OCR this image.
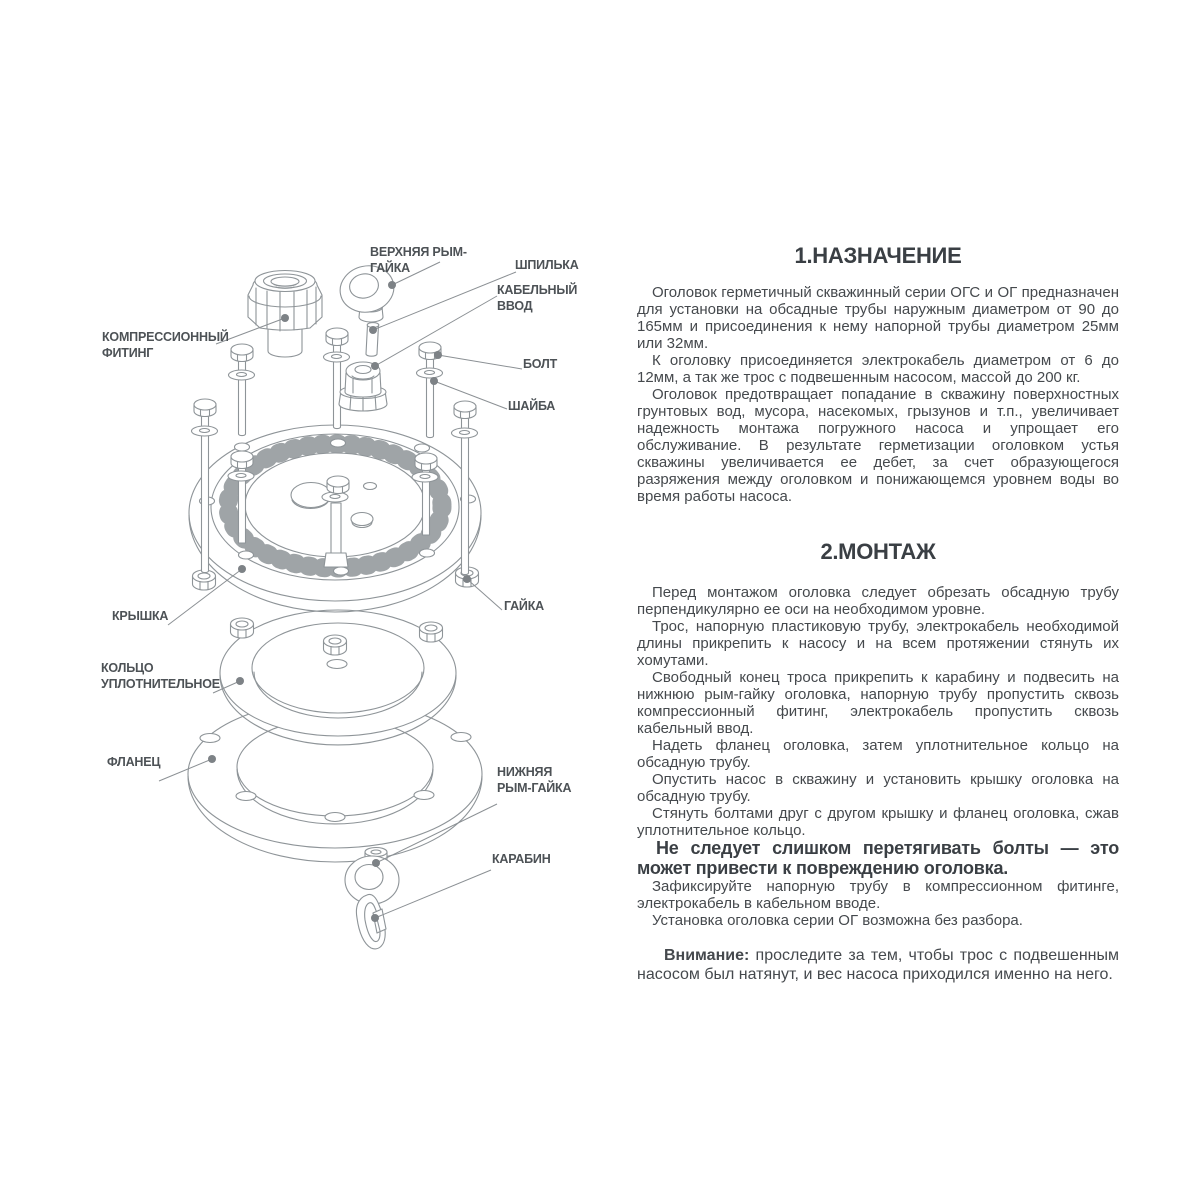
ВЕРХНЯЯ РЫМ-ГАЙКА	ШПИЛЬКА
КАБЕЛЬНЫЙ ВВОД
КОМПРЕССИОННЫЙ ФИТИНГ
БОЛТ
ШАЙБА
КРЫШКА
ГАЙКА
КОЛЬЦО УПЛОТНИТЕЛЬНОЕ
ФЛАНЕЦ
НИЖНЯЯ РЫМ-ГАЙКА
КАРАБИН
1.НАЗНАЧЕНИЕ

Оголовок герметичный скважинный серии ОГС и ОГ предназначен для установки на обсадные трубы наружным диаметром от 90 до 165мм и присоединения к нему напорной трубы диаметром 25мм или 32мм.

К оголовку присоединяется электрокабель диаметром от 6 до 12мм, а так же трос с подвешенным насосом, массой до 200 кг.

Оголовок предотвращает попадание в скважину поверхностных грунтовых вод, мусора, насекомых, грызунов и т.п., увеличивает надежность монтажа погружного насоса и упрощает его обслуживание. В результате герметизации оголовком устья скважины увеличивается ее дебет, за счет образующегося разряжения между оголовком и понижающемся уровнем воды во время работы насоса.

2.МОНТАЖ

Перед монтажом оголовка следует обрезать обсадную трубу перпендикулярно ее оси на необходимом уровне.

Трос, напорную пластиковую трубу, электрокабель необходимой длины прикрепить к насосу и на всем протяжении стянуть их хомутами.

Свободный конец троса прикрепить к карабину и подвесить на нижнюю рым-гайку оголовка, напорную трубу пропустить сквозь компрессионный фитинг, электрокабель пропустить сквозь кабельный ввод.

Надеть фланец оголовка, затем уплотнительное кольцо на обсадную трубу.

Опустить насос в скважину и установить крышку оголовка на обсадную трубу.

Стянуть болтами друг с другом крышку и фланец оголовка, сжав уплотнительное кольцо.

Не следует слишком перетягивать болты — это может привести к повреждению оголовка.

Зафиксируйте напорную трубу в компрессионном фитинге, электрокабель в кабельном вводе.

Установка оголовка серии ОГ возможна без разбора.

Внимание: проследите за тем, чтобы трос с подвешенным насосом был натянут, и вес насоса приходился именно на него.
